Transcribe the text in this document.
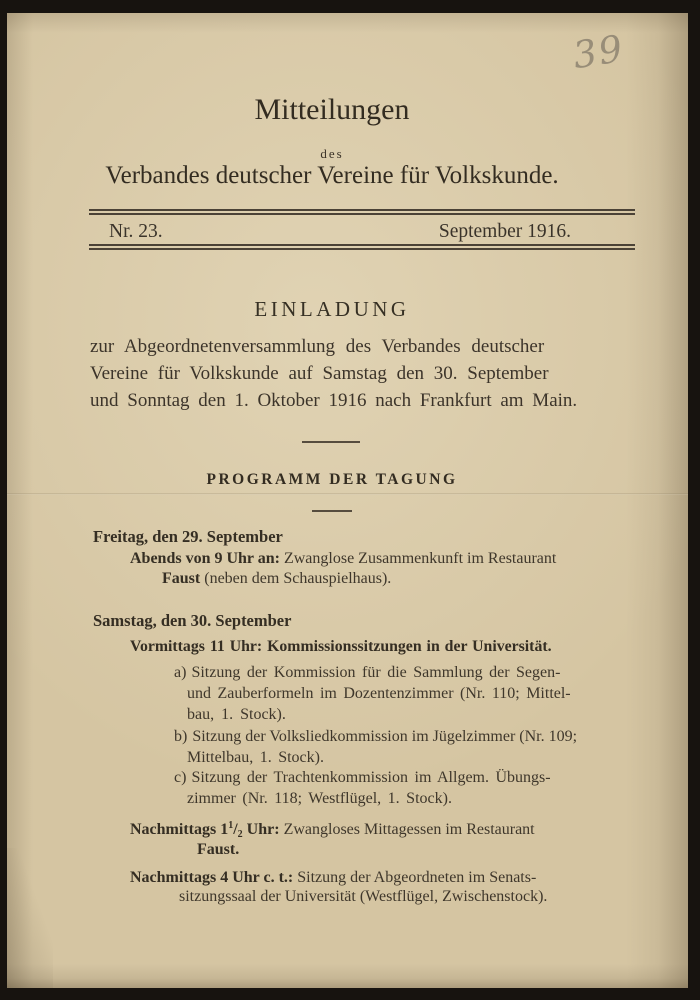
39
Mitteilungen
des
Verbandes deutscher Vereine für Volkskunde.
Nr. 23.	September 1916.
EINLADUNG
zur Abgeordnetenversammlung des Verbandes deutscher
Vereine für Volkskunde auf Samstag den 30. September
und Sonntag den 1. Oktober 1916 nach Frankfurt am Main.
PROGRAMM DER TAGUNG
Freitag, den 29. September
Abends von 9 Uhr an: Zwanglose Zusammenkunft im Restaurant
Faust (neben dem Schauspielhaus).
Samstag, den 30. September
Vormittags 11 Uhr: Kommissionssitzungen in der Universität.
a) Sitzung der Kommission für die Sammlung der Segen-
und Zauberformeln im Dozentenzimmer (Nr. 110; Mittel-
bau, 1. Stock).
b) Sitzung der Volksliedkommission im Jügelzimmer (Nr. 109;
Mittelbau, 1. Stock).
c) Sitzung der Trachtenkommission im Allgem. Übungs-
zimmer (Nr. 118; Westflügel, 1. Stock).
Nachmittags $1^1/_2$ Uhr: Zwangloses Mittagessen im Restaurant
Faust.
Nachmittags 4 Uhr c. t.: Sitzung der Abgeordneten im Senats-
sitzungssaal der Universität (Westflügel, Zwischenstock).
